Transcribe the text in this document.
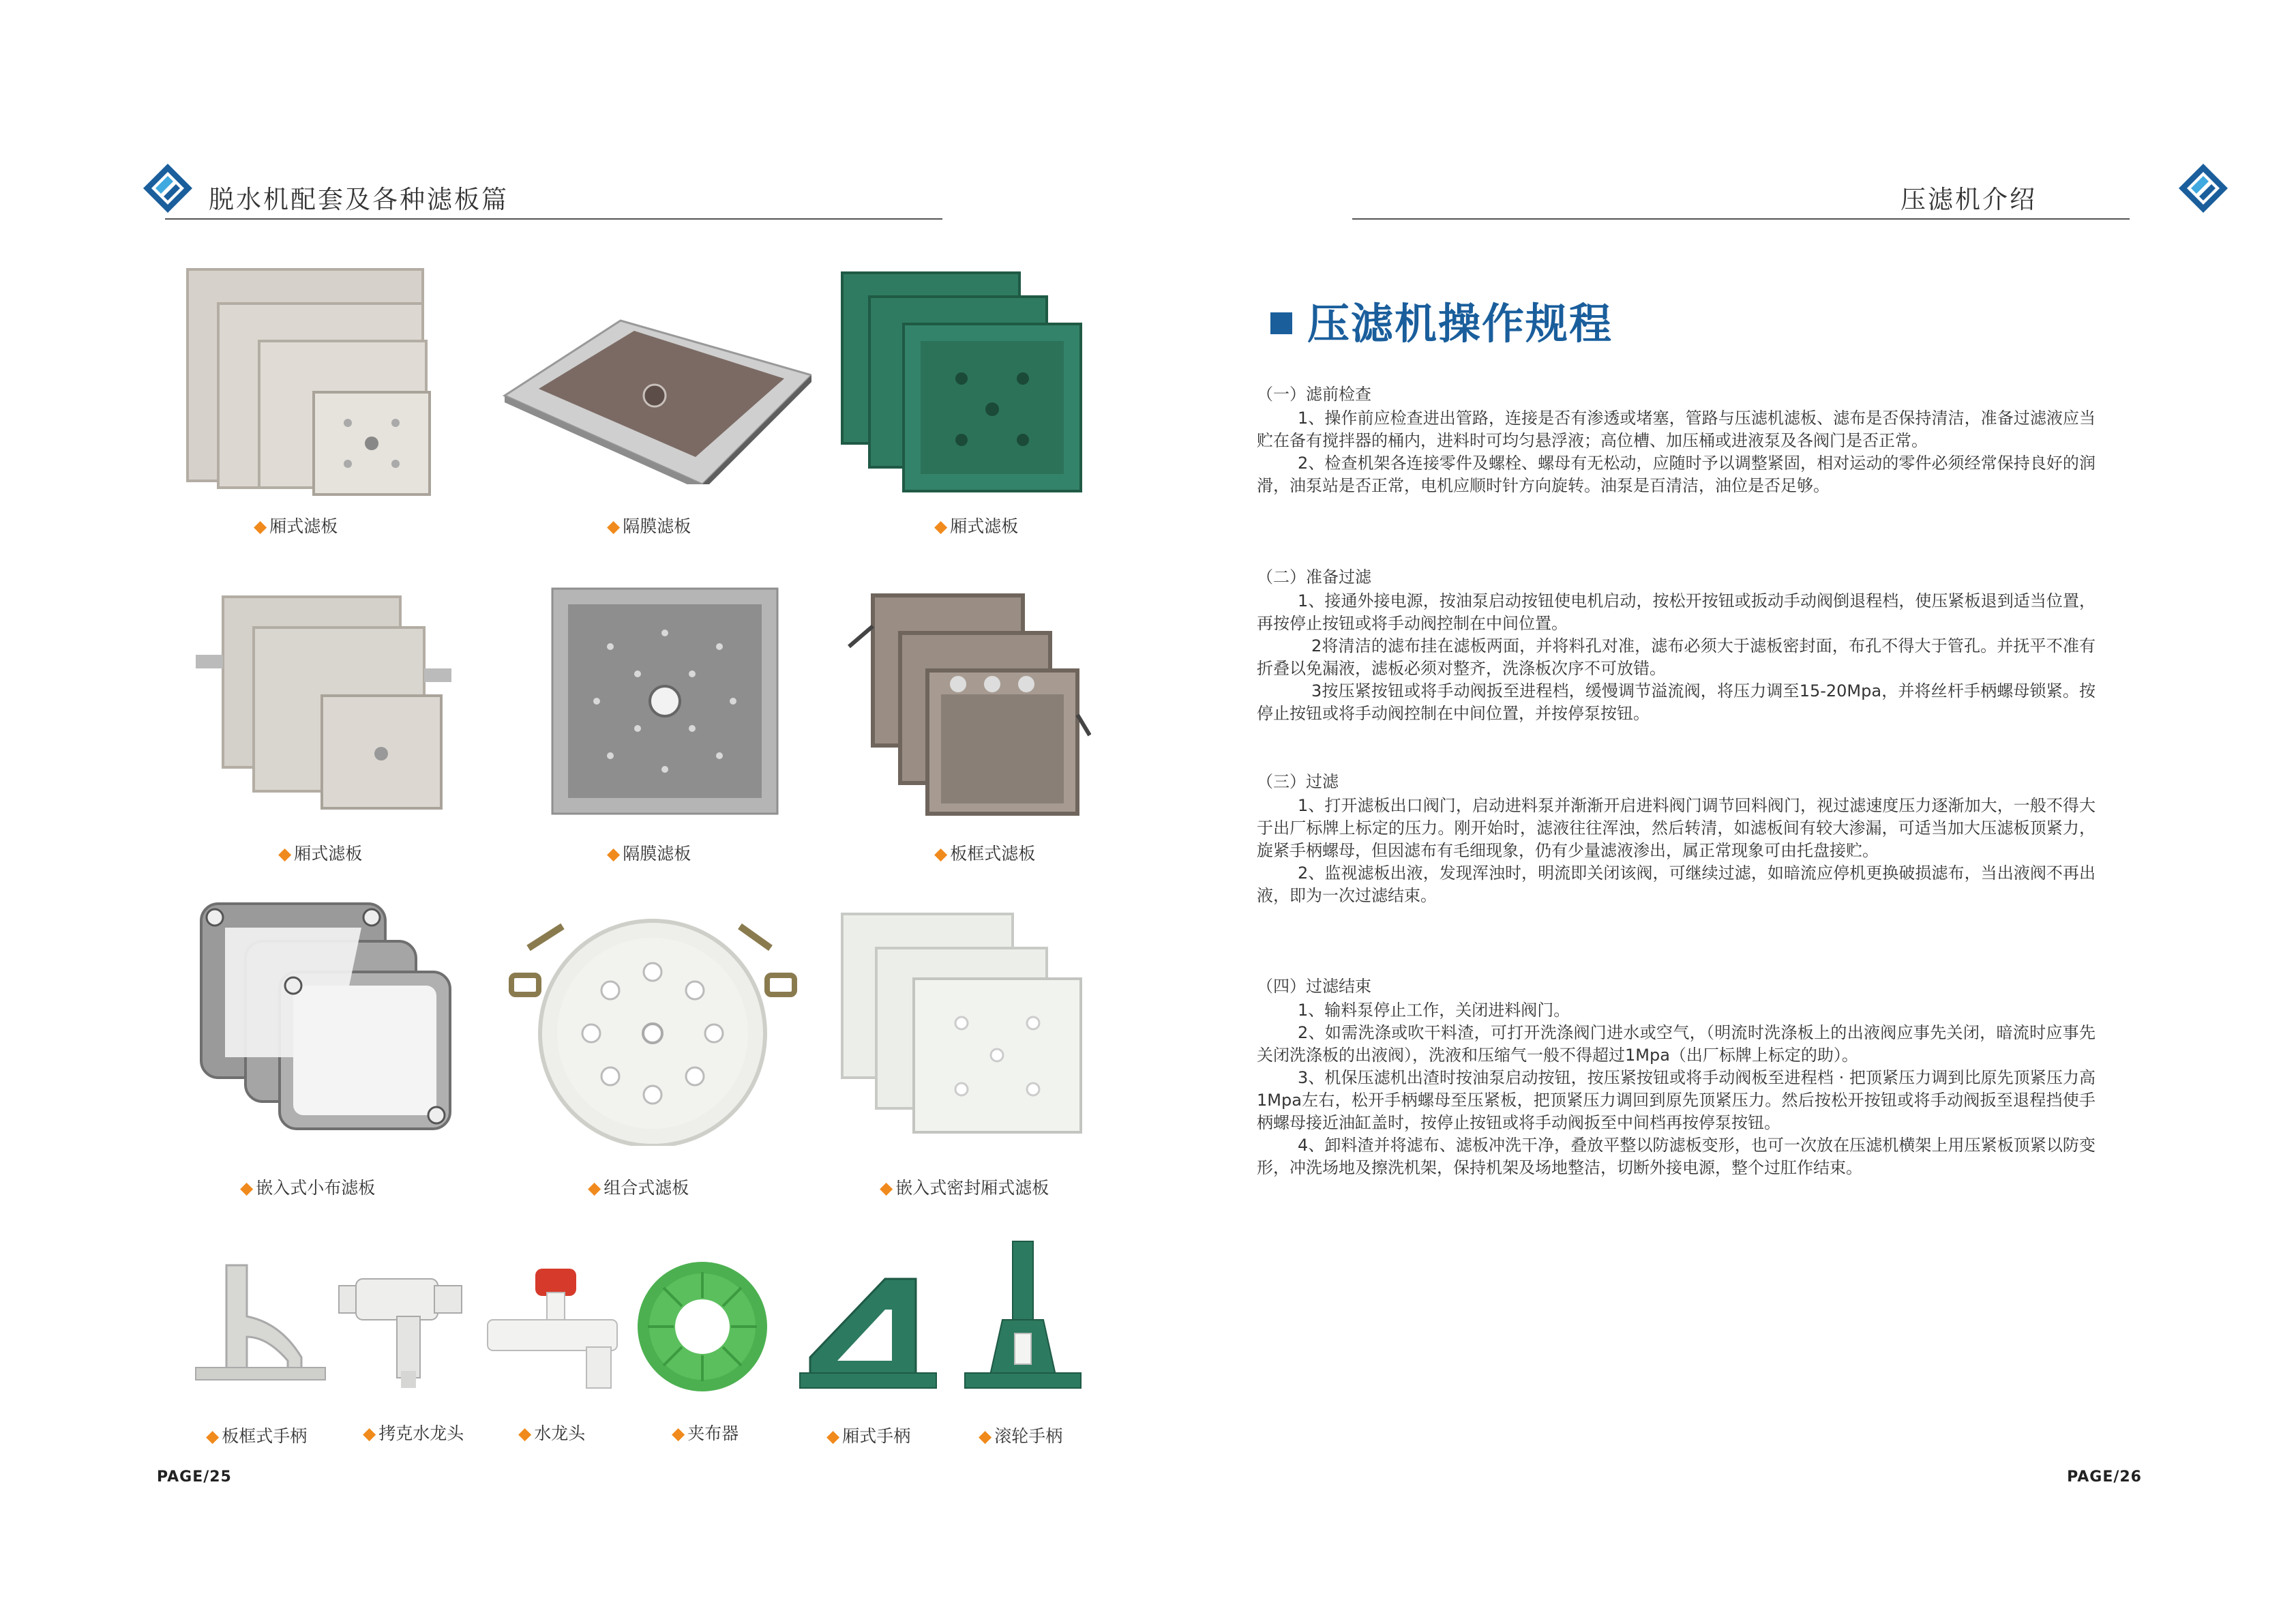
脱水机配套及各种滤板篇
◆ 厢式滤板	◆ 隔膜滤板	◆ 厢式滤板
◆ 厢式滤板	◆ 隔膜滤板	◆ 板框式滤板
◆ 嵌入式小布滤板	◆ 组合式滤板	◆ 嵌入式密封厢式滤板
◆ 板框式手柄	◆ 拷克水龙头	◆ 水龙头	◆ 夹布器	◆ 厢式手柄	◆ 滚轮手柄
PAGE/25
压滤机介绍
压滤机操作规程
（一）滤前检查

1、操作前应检查进出管路，连接是否有渗透或堵塞，管路与压滤机滤板、滤布是否保持清洁，准备过滤液应当贮在备有搅拌器的桶内，进料时可均匀悬浮液；高位槽、加压桶或进液泵及各阀门是否正常。

2、检查机架各连接零件及螺栓、螺母有无松动，应随时予以调整紧固，相对运动的零件必须经常保持良好的润滑，油泵站是否正常，电机应顺时针方向旋转。油泵是百清洁，油位是否足够。

（二）准备过滤

1、接通外接电源，按油泵启动按钮使电机启动，按松开按钮或扳动手动阀倒退程档，使压紧板退到适当位置，再按停止按钮或将手动阀控制在中间位置。

2将清洁的滤布挂在滤板两面，并将料孔对准，滤布必须大于滤板密封面，布孔不得大于管孔。并抚平不准有折叠以免漏液，滤板必须对整齐，洗涤板次序不可放错。

3按压紧按钮或将手动阀扳至进程档，缓慢调节溢流阀，将压力调至15-20Mpa，并将丝杆手柄螺母锁紧。按停止按钮或将手动阀控制在中间位置，并按停泵按钮。

（三）过滤

1、打开滤板出口阀门，启动进料泵并渐渐开启进料阀门调节回料阀门，视过滤速度压力逐渐加大，一般不得大于出厂标牌上标定的压力。刚开始时，滤液往往浑浊，然后转清，如滤板间有较大渗漏，可适当加大压滤板顶紧力，旋紧手柄螺母，但因滤布有毛细现象，仍有少量滤液渗出，属正常现象可由托盘接贮。

2、监视滤板出液，发现浑浊时，明流即关闭该阀，可继续过滤，如暗流应停机更换破损滤布，当出液阀不再出液，即为一次过滤结束。

（四）过滤结束

1、输料泵停止工作，关闭进料阀门。

2、如需洗涤或吹干料渣，可打开洗涤阀门进水或空气，（明流时洗涤板上的出液阀应事先关闭，暗流时应事先关闭洗涤板的出液阀），洗液和压缩气一般不得超过1Mpa（出厂标牌上标定的助）。

3、机保压滤机出渣时按油泵启动按钮，按压紧按钮或将手动阀板至进程档 · 把顶紧压力调到比原先顶紧压力高1Mpa左右，松开手柄螺母至压紧板，把顶紧压力调回到原先顶紧压力。然后按松开按钮或将手动阀扳至退程挡使手柄螺母接近油缸盖时，按停止按钮或将手动阀扳至中间档再按停泵按钮。

4、卸料渣并将滤布、滤板冲洗干净，叠放平整以防滤板变形，也可一次放在压滤机横架上用压紧板顶紧以防变形，冲洗场地及擦洗机架，保持机架及场地整洁，切断外接电源，整个过肛作结束。

PAGE/26
